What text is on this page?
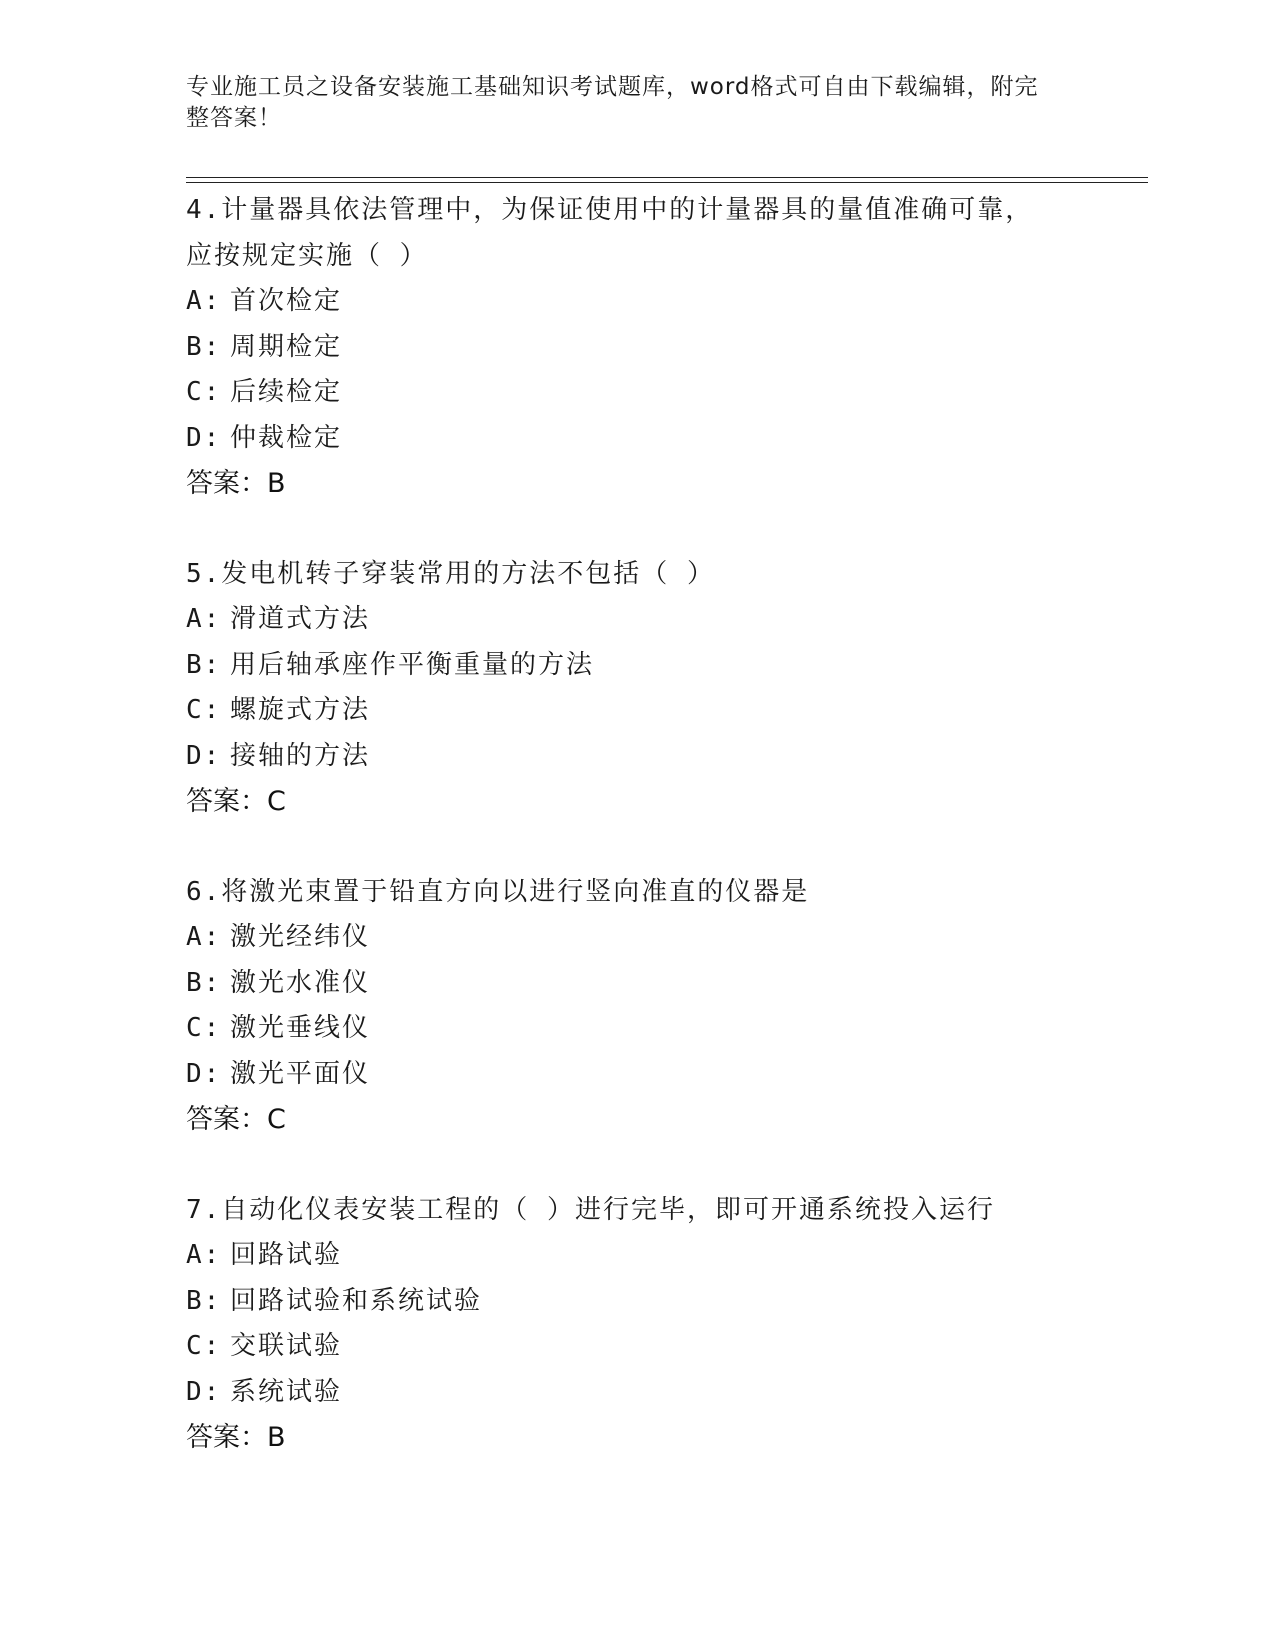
专业施工员之设备安装施工基础知识考试题库，word格式可自由下载编辑，附完
整答案！
4.计量器具依法管理中，为保证使用中的计量器具的量值准确可靠，
应按规定实施（ ）
A: 首次检定
B: 周期检定
C: 后续检定
D: 仲裁检定
答案：B
5.发电机转子穿装常用的方法不包括（ ）
A: 滑道式方法
B: 用后轴承座作平衡重量的方法
C: 螺旋式方法
D: 接轴的方法
答案：C
6.将激光束置于铅直方向以进行竖向准直的仪器是
A: 激光经纬仪
B: 激光水准仪
C: 激光垂线仪
D: 激光平面仪
答案：C
7.自动化仪表安装工程的（ ）进行完毕，即可开通系统投入运行
A: 回路试验
B: 回路试验和系统试验
C: 交联试验
D: 系统试验
答案：B
